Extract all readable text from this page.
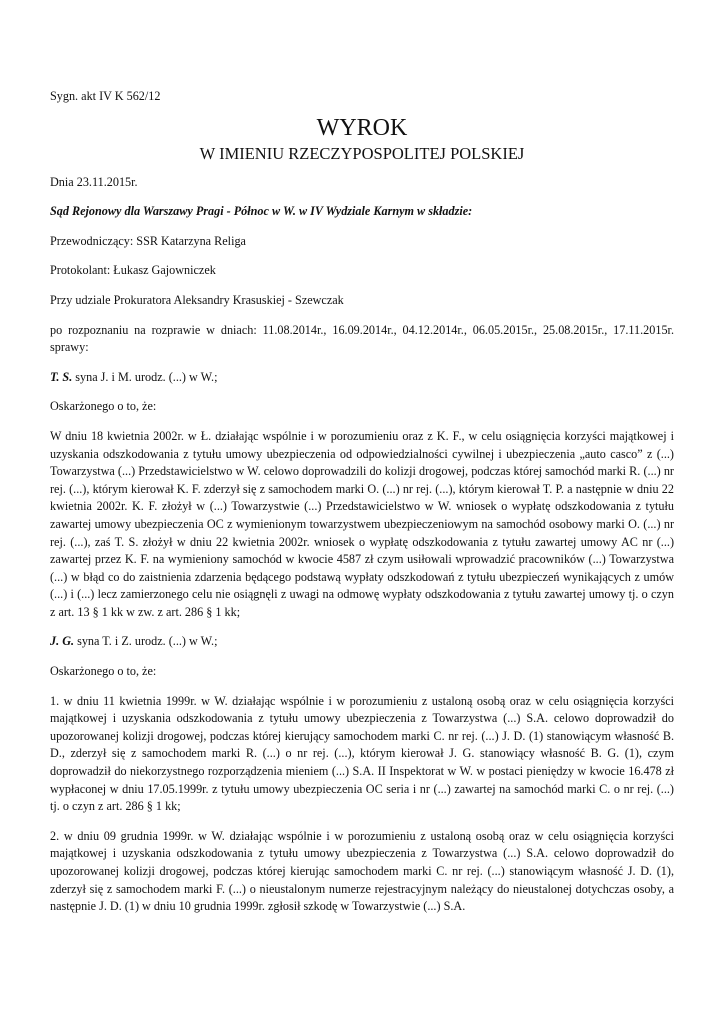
Sygn. akt IV K 562/12

WYROK

W IMIENIU RZECZYPOSPOLITEJ POLSKIEJ

Dnia 23.11.2015r.

Sąd Rejonowy dla Warszawy Pragi - Północ w W. w IV Wydziale Karnym w składzie:

Przewodniczący: SSR Katarzyna Religa

Protokolant: Łukasz Gajowniczek

Przy udziale Prokuratora Aleksandry Krasuskiej - Szewczak

po rozpoznaniu na rozprawie w dniach: 11.08.2014r., 16.09.2014r., 04.12.2014r., 06.05.2015r., 25.08.2015r., 17.11.2015r. sprawy:

T. S. syna J. i M. urodz. (...) w W.;

Oskarżonego o to, że:

W dniu 18 kwietnia 2002r. w Ł. działając wspólnie i w porozumieniu oraz z K. F., w celu osiągnięcia korzyści majątkowej i uzyskania odszkodowania z tytułu umowy ubezpieczenia od odpowiedzialności cywilnej i ubezpieczenia „auto casco” z (...) Towarzystwa (...) Przedstawicielstwo w W. celowo doprowadzili do kolizji drogowej, podczas której samochód marki R. (...) nr rej. (...), którym kierował K. F. zderzył się z samochodem marki O. (...) nr rej. (...), którym kierował T. P. a następnie w dniu 22 kwietnia 2002r. K. F. złożył w (...) Towarzystwie (...) Przedstawicielstwo w W. wniosek o wypłatę odszkodowania z tytułu zawartej umowy ubezpieczenia OC z wymienionym towarzystwem ubezpieczeniowym na samochód osobowy marki O. (...) nr rej. (...), zaś T. S. złożył w dniu 22 kwietnia 2002r. wniosek o wypłatę odszkodowania z tytułu zawartej umowy AC nr (...) zawartej przez K. F. na wymieniony samochód w kwocie 4587 zł czym usiłowali wprowadzić pracowników (...) Towarzystwa (...) w błąd co do zaistnienia zdarzenia będącego podstawą wypłaty odszkodowań z tytułu ubezpieczeń wynikających z umów (...) i (...) lecz zamierzonego celu nie osiągnęli z uwagi na odmowę wypłaty odszkodowania z tytułu zawartej umowy tj. o czyn z art. 13 § 1 kk w zw. z art. 286 § 1 kk;

J. G. syna T. i Z. urodz. (...) w W.;

Oskarżonego o to, że:

1. w dniu 11 kwietnia 1999r. w W. działając wspólnie i w porozumieniu z ustaloną osobą oraz w celu osiągnięcia korzyści majątkowej i uzyskania odszkodowania z tytułu umowy ubezpieczenia z Towarzystwa (...) S.A. celowo doprowadził do upozorowanej kolizji drogowej, podczas której kierujący samochodem marki C. nr rej. (...) J. D. (1) stanowiącym własność B. D., zderzył się z samochodem marki R. (...) o nr rej. (...), którym kierował J. G. stanowiący własność B. G. (1), czym doprowadził do niekorzystnego rozporządzenia mieniem (...) S.A. II Inspektorat w W. w postaci pieniędzy w kwocie 16.478 zł wypłaconej w dniu 17.05.1999r. z tytułu umowy ubezpieczenia OC seria i nr (...) zawartej na samochód marki C. o nr rej. (...) tj. o czyn z art. 286 § 1 kk;

2. w dniu 09 grudnia 1999r. w W. działając wspólnie i w porozumieniu z ustaloną osobą oraz w celu osiągnięcia korzyści majątkowej i uzyskania odszkodowania z tytułu umowy ubezpieczenia z Towarzystwa (...) S.A. celowo doprowadził do upozorowanej kolizji drogowej, podczas której kierując samochodem marki C. nr rej. (...) stanowiącym własność J. D. (1), zderzył się z samochodem marki F. (...) o nieustalonym numerze rejestracyjnym należący do nieustalonej dotychczas osoby, a następnie J. D. (1) w dniu 10 grudnia 1999r. zgłosił szkodę w Towarzystwie (...) S.A.
